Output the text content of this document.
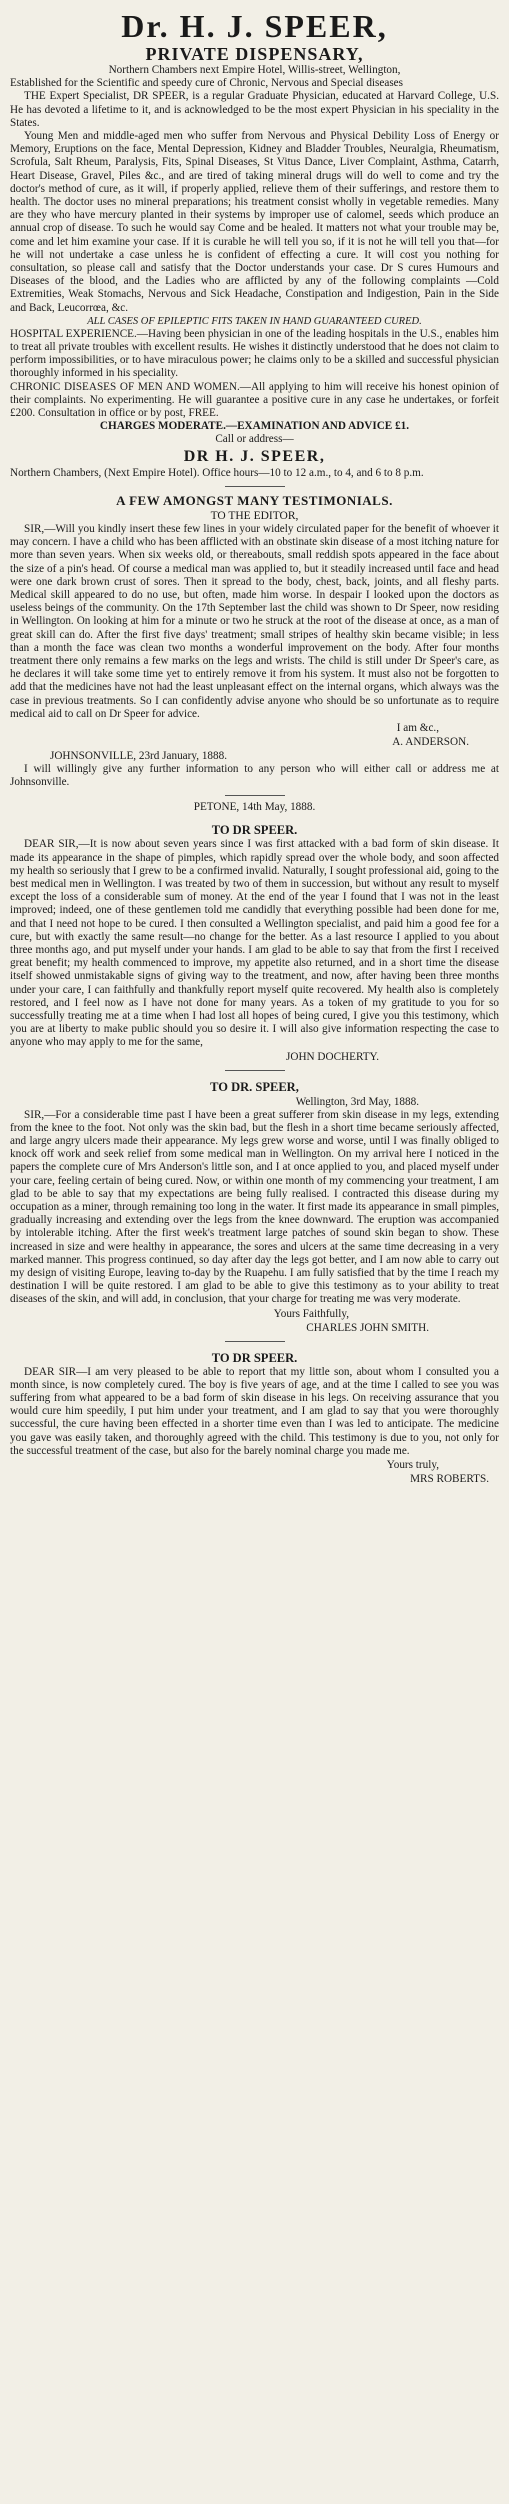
Dr. H. J. SPEER,
PRIVATE DISPENSARY,

Northern Chambers next Empire Hotel, Willis-street, Wellington,

Established for the Scientific and speedy cure of Chronic, Nervous and Special diseases

THE Expert Specialist, DR SPEER, is a regular Graduate Physician, educated at Harvard College, U.S. He has devoted a lifetime to it, and is acknowledged to be the most expert Physician in his speciality in the States.

Young Men and middle-aged men who suffer from Nervous and Physical Debility Loss of Energy or Memory, Eruptions on the face, Mental Depression, Kidney and Bladder Troubles, Neuralgia, Rheumatism, Scrofula, Salt Rheum, Paralysis, Fits, Spinal Diseases, St Vitus Dance, Liver Complaint, Asthma, Catarrh, Heart Disease, Gravel, Piles &c., and are tired of taking mineral drugs will do well to come and try the doctor's method of cure, as it will, if properly applied, relieve them of their sufferings, and restore them to health. The doctor uses no mineral preparations; his treatment consist wholly in vegetable remedies. Many are they who have mercury planted in their systems by improper use of calomel, seeds which produce an annual crop of disease. To such he would say Come and be healed. It matters not what your trouble may be, come and let him examine your case. If it is curable he will tell you so, if it is not he will tell you that—for he will not undertake a case unless he is confident of effecting a cure. It will cost you nothing for consultation, so please call and satisfy that the Doctor understands your case. Dr S cures Humours and Diseases of the blood, and the Ladies who are afflicted by any of the following complaints —Cold Extremities, Weak Stomachs, Nervous and Sick Headache, Constipation and Indigestion, Pain in the Side and Back, Leucorrœa, &c.

ALL CASES OF EPILEPTIC FITS TAKEN IN HAND GUARANTEED CURED.

HOSPITAL EXPERIENCE.—Having been physician in one of the leading hospitals in the U.S., enables him to treat all private troubles with excellent results. He wishes it distinctly understood that he does not claim to perform impossibilities, or to have miraculous power; he claims only to be a skilled and successful physician thoroughly informed in his speciality.

CHRONIC DISEASES OF MEN AND WOMEN.—All applying to him will receive his honest opinion of their complaints. No experimenting. He will guarantee a positive cure in any case he undertakes, or forfeit £200. Consultation in office or by post, FREE.

CHARGES MODERATE.—EXAMINATION AND ADVICE £1.

Call or address—

DR H. J. SPEER,

Northern Chambers, (Next Empire Hotel). Office hours—10 to 12 a.m., to 4, and 6 to 8 p.m.

A FEW AMONGST MANY TESTIMONIALS.
TO THE EDITOR,

SIR,—Will you kindly insert these few lines in your widely circulated paper for the benefit of whoever it may concern. I have a child who has been afflicted with an obstinate skin disease of a most itching nature for more than seven years. When six weeks old, or thereabouts, small reddish spots appeared in the face about the size of a pin's head. Of course a medical man was applied to, but it steadily increased until face and head were one dark brown crust of sores. Then it spread to the body, chest, back, joints, and all fleshy parts. Medical skill appeared to do no use, but often, made him worse. In despair I looked upon the doctors as useless beings of the community. On the 17th September last the child was shown to Dr Speer, now residing in Wellington. On looking at him for a minute or two he struck at the root of the disease at once, as a man of great skill can do. After the first five days' treatment; small stripes of healthy skin became visible; in less than a month the face was clean two months a wonderful improvement on the body. After four months treatment there only remains a few marks on the legs and wrists. The child is still under Dr Speer's care, as he declares it will take some time yet to entirely remove it from his system. It must also not be forgotten to add that the medicines have not had the least unpleasant effect on the internal organs, which always was the case in previous treatments. So I can confidently advise anyone who should be so unfortunate as to require medical aid to call on Dr Speer for advice.

I am &c.,
A. ANDERSON.
JOHNSONVILLE, 23rd January, 1888.

I will willingly give any further information to any person who will either call or address me at Johnsonville.

PETONE, 14th May, 1888.
TO DR SPEER.

DEAR SIR,—It is now about seven years since I was first attacked with a bad form of skin disease. It made its appearance in the shape of pimples, which rapidly spread over the whole body, and soon affected my health so seriously that I grew to be a confirmed invalid. Naturally, I sought professional aid, going to the best medical men in Wellington. I was treated by two of them in succession, but without any result to myself except the loss of a considerable sum of money. At the end of the year I found that I was not in the least improved; indeed, one of these gentlemen told me candidly that everything possible had been done for me, and that I need not hope to be cured. I then consulted a Wellington specialist, and paid him a good fee for a cure, but with exactly the same result—no change for the better. As a last resource I applied to you about three months ago, and put myself under your hands. I am glad to be able to say that from the first I received great benefit; my health commenced to improve, my appetite also returned, and in a short time the disease itself showed unmistakable signs of giving way to the treatment, and now, after having been three months under your care, I can faithfully and thankfully report myself quite recovered. My health also is completely restored, and I feel now as I have not done for many years. As a token of my gratitude to you for so successfully treating me at a time when I had lost all hopes of being cured, I give you this testimony, which you are at liberty to make public should you so desire it. I will also give information respecting the case to anyone who may apply to me for the same,

JOHN DOCHERTY.
TO DR. SPEER,
Wellington, 3rd May, 1888.

SIR,—For a considerable time past I have been a great sufferer from skin disease in my legs, extending from the knee to the foot. Not only was the skin bad, but the flesh in a short time became seriously affected, and large angry ulcers made their appearance. My legs grew worse and worse, until I was finally obliged to knock off work and seek relief from some medical man in Wellington. On my arrival here I noticed in the papers the complete cure of Mrs Anderson's little son, and I at once applied to you, and placed myself under your care, feeling certain of being cured. Now, or within one month of my commencing your treatment, I am glad to be able to say that my expectations are being fully realised. I contracted this disease during my occupation as a miner, through remaining too long in the water. It first made its appearance in small pimples, gradually increasing and extending over the legs from the knee downward. The eruption was accompanied by intolerable itching. After the first week's treatment large patches of sound skin began to show. These increased in size and were healthy in appearance, the sores and ulcers at the same time decreasing in a very marked manner. This progress continued, so day after day the legs got better, and I am now able to carry out my design of visiting Europe, leaving to-day by the Ruapehu. I am fully satisfied that by the time I reach my destination I will be quite restored. I am glad to be able to give this testimony as to your ability to treat diseases of the skin, and will add, in conclusion, that your charge for treating me was very moderate.

Yours Faithfully,
CHARLES JOHN SMITH.
TO DR SPEER.

DEAR SIR—I am very pleased to be able to report that my little son, about whom I consulted you a month since, is now completely cured. The boy is five years of age, and at the time I called to see you was suffering from what appeared to be a bad form of skin disease in his legs. On receiving assurance that you would cure him speedily, I put him under your treatment, and I am glad to say that you were thoroughly successful, the cure having been effected in a shorter time even than I was led to anticipate. The medicine you gave was easily taken, and thoroughly agreed with the child. This testimony is due to you, not only for the successful treatment of the case, but also for the barely nominal charge you made me.

Yours truly,
MRS ROBERTS.
